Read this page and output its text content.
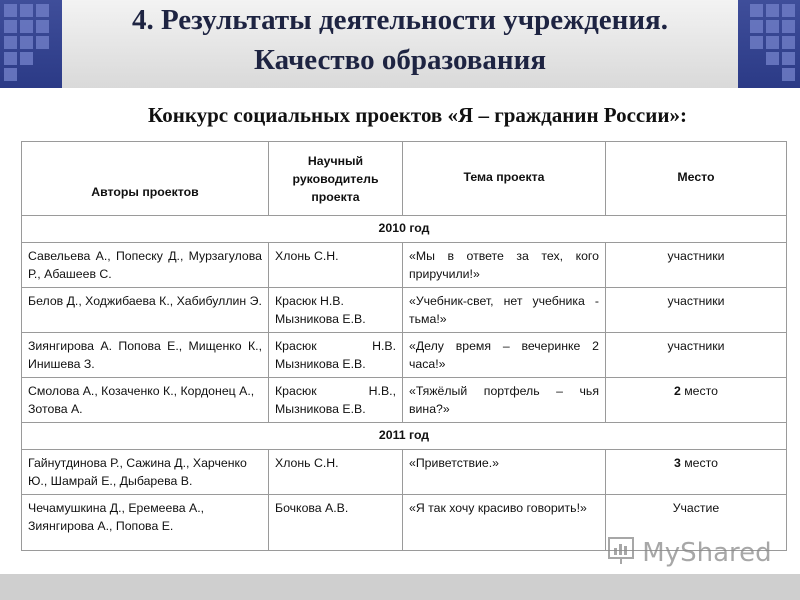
4. Результаты деятельности учреждения.
Качество образования
Конкурс социальных проектов «Я – гражданин России»:
Авторы проектов	Научный руководитель проекта	Тема проекта	Место
2010 год			
Савельева А., Попеску Д., Мурзагулова Р., Абашеев С.	Хлонь С.Н.	«Мы в ответе за тех, кого приручили!»	участники
Белов Д., Ходжибаева К., Хабибуллин Э.	Красюк Н.В. Мызникова Е.В.	«Учебник-свет, нет учебника - тьма!»	участники
Зиянгирова А. Попова Е., Мищенко К., Инишева З.	Красюк Н.В. Мызникова Е.В.	«Делу время – вечеринке 2 часа!»	участники
Смолова А., Козаченко К., Кордонец А., Зотова А.	Красюк Н.В., Мызникова Е.В.	«Тяжёлый портфель – чья вина?»	2 место
2011 год			
Гайнутдинова Р., Сажина Д., Харченко Ю., Шамрай Е., Дыбарева В.	Хлонь С.Н.	«Приветствие.»	3 место
Чечамушкина Д., Еремеева А., Зиянгирова А., Попова Е.	Бочкова А.В.	«Я так хочу красиво говорить!»	Участие
MyShared
